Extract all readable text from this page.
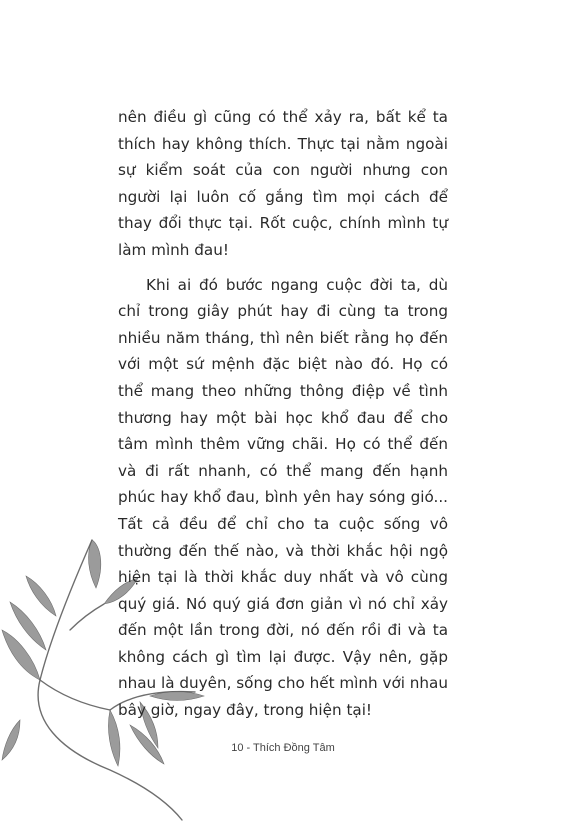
nên điều gì cũng có thể xảy ra, bất kể ta thích hay không thích. Thực tại nằm ngoài sự kiểm soát của con người nhưng con người lại luôn cố gắng tìm mọi cách để thay đổi thực tại. Rốt cuộc, chính mình tự làm mình đau!

Khi ai đó bước ngang cuộc đời ta, dù chỉ trong giây phút hay đi cùng ta trong nhiều năm tháng, thì nên biết rằng họ đến với một sứ mệnh đặc biệt nào đó. Họ có thể mang theo những thông điệp về tình thương hay một bài học khổ đau để cho tâm mình thêm vững chãi. Họ có thể đến và đi rất nhanh, có thể mang đến hạnh phúc hay khổ đau, bình yên hay sóng gió... Tất cả đều để chỉ cho ta cuộc sống vô thường đến thế nào, và thời khắc hội ngộ hiện tại là thời khắc duy nhất và vô cùng quý giá. Nó quý giá đơn giản vì nó chỉ xảy đến một lần trong đời, nó đến rồi đi và ta không cách gì tìm lại được. Vậy nên, gặp nhau là duyên, sống cho hết mình với nhau bây giờ, ngay đây, trong hiện tại!

10 - Thích Đồng Tâm
